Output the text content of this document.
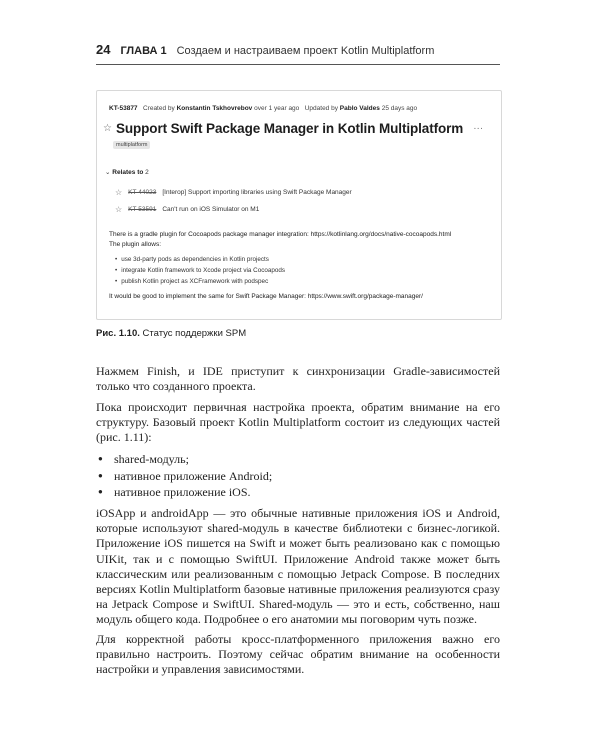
24 ГЛАВА 1 Создаем и настраиваем проект Kotlin Multiplatform
KT-53877 Created by Konstantin Tskhovrebov over 1 year ago Updated by Pablo Valdes 25 days ago
☆ Support Swift Package Manager in Kotlin Multiplatform ···
multiplatform
⌄ Relates to 2
☆ KT-44023 [Interop] Support importing libraries using Swift Package Manager
☆ KT-53591 Can't run on iOS Simulator on M1
There is a gradle plugin for Cocoapods package manager integration: https://kotlinlang.org/docs/native-cocoapods.html
The plugin allows:
• use 3d-party pods as dependencies in Kotlin projects
• integrate Kotlin framework to Xcode project via Cocoapods
• publish Kotlin project as XCFramework with podspec
It would be good to implement the same for Swift Package Manager: https://www.swift.org/package-manager/
Рис. 1.10. Статус поддержки SPM

Нажмем Finish, и IDE приступит к синхронизации Gradle-зависимостей только что созданного проекта.

Пока происходит первичная настройка проекта, обратим внимание на его структуру. Базовый проект Kotlin Multiplatform состоит из следующих частей (рис. 1.11):

● shared-модуль;
● нативное приложение Android;
● нативное приложение iOS.

iOSApp и androidApp — это обычные нативные приложения iOS и Android, которые используют shared-модуль в качестве библиотеки с бизнес-логикой. Приложение iOS пишется на Swift и может быть реализовано как с помощью UIKit, так и с помощью SwiftUI. Приложение Android также может быть классическим или реализованным с помощью Jetpack Compose. В последних версиях Kotlin Multiplatform базовые нативные приложения реализуются сразу на Jetpack Compose и SwiftUI. Shared-модуль — это и есть, собственно, наш модуль общего кода. Подробнее о его анатомии мы поговорим чуть позже.

Для корректной работы кросс-платформенного приложения важно его правильно настроить. Поэтому сейчас обратим внимание на особенности настройки и управления зависимостями.
